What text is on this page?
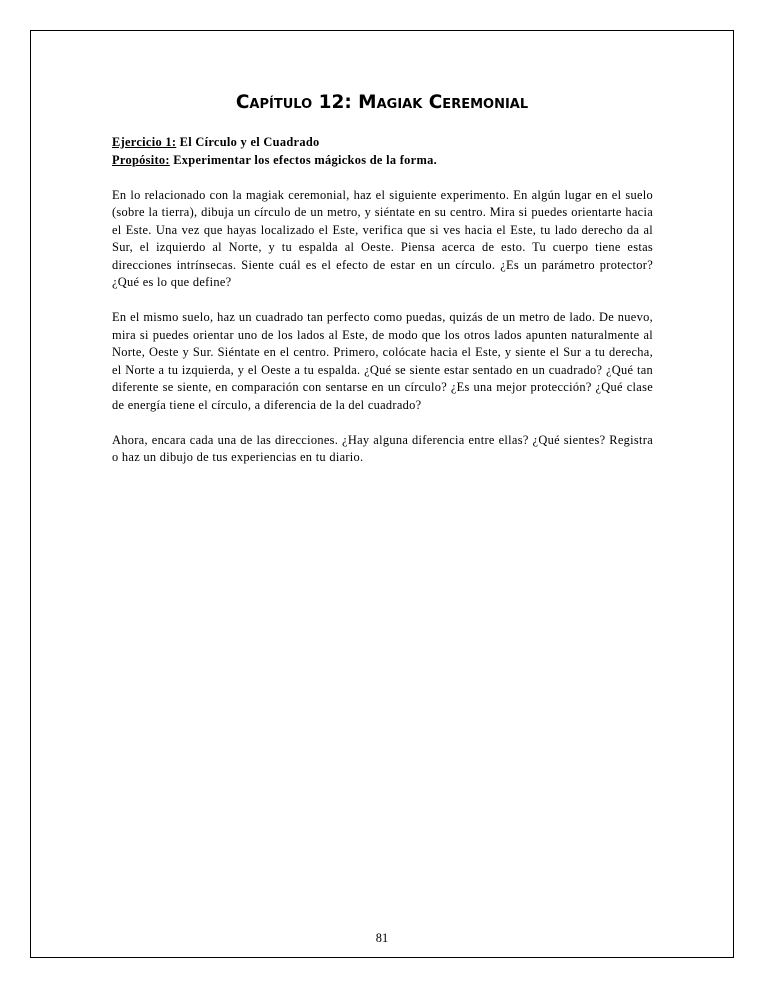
Capítulo 12: Magiak Ceremonial
Ejercicio 1: El Círculo y el Cuadrado
Propósito: Experimentar los efectos mágickos de la forma.

En lo relacionado con la magiak ceremonial, haz el siguiente experimento. En algún lugar en el suelo (sobre la tierra), dibuja un círculo de un metro, y siéntate en su centro. Mira si puedes orientarte hacia el Este. Una vez que hayas localizado el Este, verifica que si ves hacia el Este, tu lado derecho da al Sur, el izquierdo al Norte, y tu espalda al Oeste. Piensa acerca de esto. Tu cuerpo tiene estas direcciones intrínsecas. Siente cuál es el efecto de estar en un círculo. ¿Es un parámetro protector? ¿Qué es lo que define?

En el mismo suelo, haz un cuadrado tan perfecto como puedas, quizás de un metro de lado. De nuevo, mira si puedes orientar uno de los lados al Este, de modo que los otros lados apunten naturalmente al Norte, Oeste y Sur. Siéntate en el centro. Primero, colócate hacia el Este, y siente el Sur a tu derecha, el Norte a tu izquierda, y el Oeste a tu espalda. ¿Qué se siente estar sentado en un cuadrado? ¿Qué tan diferente se siente, en comparación con sentarse en un círculo? ¿Es una mejor protección? ¿Qué clase de energía tiene el círculo, a diferencia de la del cuadrado?

Ahora, encara cada una de las direcciones. ¿Hay alguna diferencia entre ellas? ¿Qué sientes? Registra o haz un dibujo de tus experiencias en tu diario.

81
